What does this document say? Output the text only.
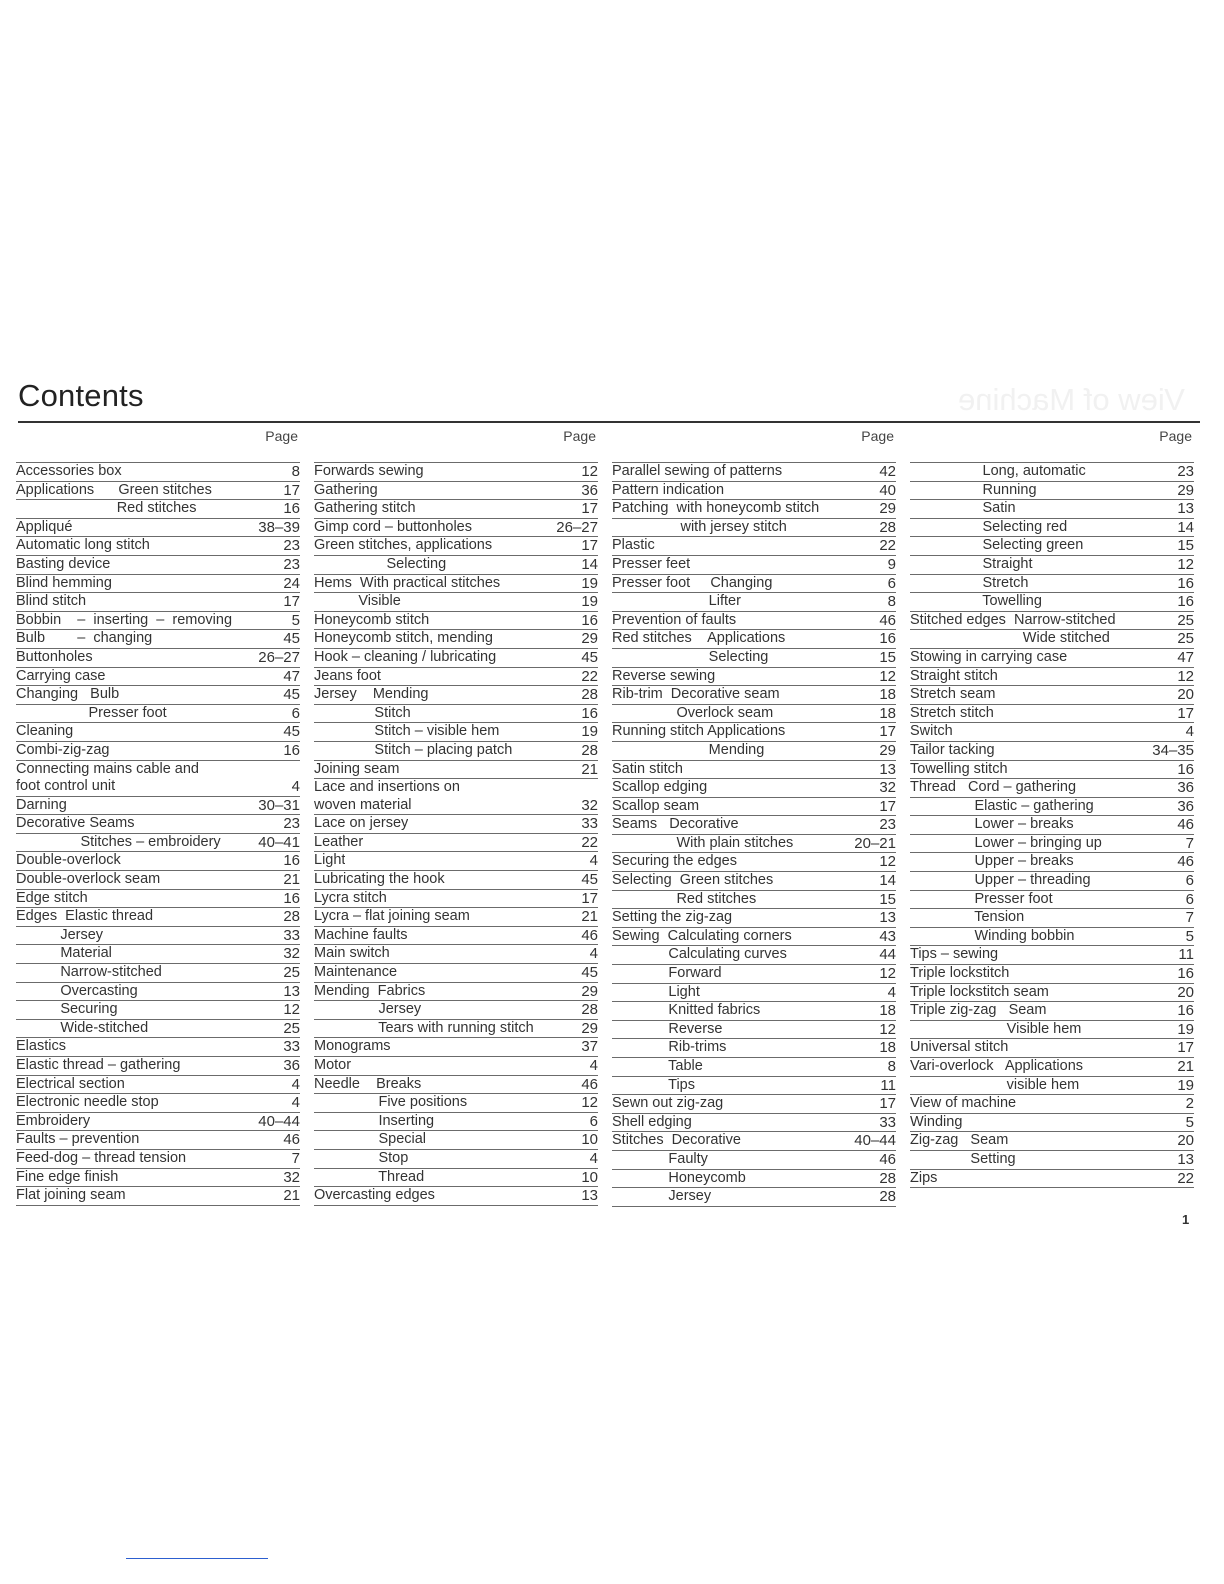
View of Machine
Contents
Page
Accessories box	8
Applications      Green stitches	17
Red stitches	16
Appliqué	38–39
Automatic long stitch	23
Basting device	23
Blind hemming	24
Blind stitch	17
Bobbin    –  inserting  –  removing	5
Bulb        –  changing	45
Buttonholes	26–27
Carrying case	47
Changing   Bulb	45
Presser foot	6
Cleaning	45
Combi-zig-zag	16
Connecting mains cable and
foot control unit	4
Darning	30–31
Decorative Seams	23
Stitches – embroidery	40–41
Double-overlock	16
Double-overlock seam	21
Edge stitch	16
Edges  Elastic thread	28
Jersey	33
Material	32
Narrow-stitched	25
Overcasting	13
Securing	12
Wide-stitched	25
Elastics	33
Elastic thread – gathering	36
Electrical section	4
Electronic needle stop	4
Embroidery	40–44
Faults – prevention	46
Feed-dog – thread tension	7
Fine edge finish	32
Flat joining seam	21
Page
Forwards sewing	12
Gathering	36
Gathering stitch	17
Gimp cord – buttonholes	26–27
Green stitches, applications	17
Selecting	14
Hems  With practical stitches	19
Visible	19
Honeycomb stitch	16
Honeycomb stitch, mending	29
Hook – cleaning / lubricating	45
Jeans foot	22
Jersey    Mending	28
Stitch	16
Stitch – visible hem	19
Stitch – placing patch	28
Joining seam	21
Lace and insertions on
woven material	32
Lace on jersey	33
Leather	22
Light	4
Lubricating the hook	45
Lycra stitch	17
Lycra – flat joining seam	21
Machine faults	46
Main switch	4
Maintenance	45
Mending  Fabrics	29
Jersey	28
Tears with running stitch	29
Monograms	37
Motor	4
Needle    Breaks	46
Five positions	12
Inserting	6
Special	10
Stop	4
Thread	10
Overcasting edges	13
Page
Parallel sewing of patterns	42
Pattern indication	40
Patching  with honeycomb stitch	29
with jersey stitch	28
Plastic	22
Presser feet	9
Presser foot     Changing	6
Lifter	8
Prevention of faults	46
Red stitches    Applications	16
Selecting	15
Reverse sewing	12
Rib-trim  Decorative seam	18
Overlock seam	18
Running stitch Applications	17
Mending	29
Satin stitch	13
Scallop edging	32
Scallop seam	17
Seams   Decorative	23
With plain stitches	20–21
Securing the edges	12
Selecting  Green stitches	14
Red stitches	15
Setting the zig-zag	13
Sewing  Calculating corners	43
Calculating curves	44
Forward	12
Light	4
Knitted fabrics	18
Reverse	12
Rib-trims	18
Table	8
Tips	11
Sewn out zig-zag	17
Shell edging	33
Stitches  Decorative	40–44
Faulty	46
Honeycomb	28
Jersey	28
Page
Long, automatic	23
Running	29
Satin	13
Selecting red	14
Selecting green	15
Straight	12
Stretch	16
Towelling	16
Stitched edges  Narrow-stitched	25
Wide stitched	25
Stowing in carrying case	47
Straight stitch	12
Stretch seam	20
Stretch stitch	17
Switch	4
Tailor tacking	34–35
Towelling stitch	16
Thread   Cord – gathering	36
Elastic – gathering	36
Lower – breaks	46
Lower – bringing up	7
Upper – breaks	46
Upper – threading	6
Presser foot	6
Tension	7
Winding bobbin	5
Tips – sewing	11
Triple lockstitch	16
Triple lockstitch seam	20
Triple zig-zag   Seam	16
Visible hem	19
Universal stitch	17
Vari-overlock   Applications	21
visible hem	19
View of machine	2
Winding	5
Zig-zag   Seam	20
Setting	13
Zips	22
1
